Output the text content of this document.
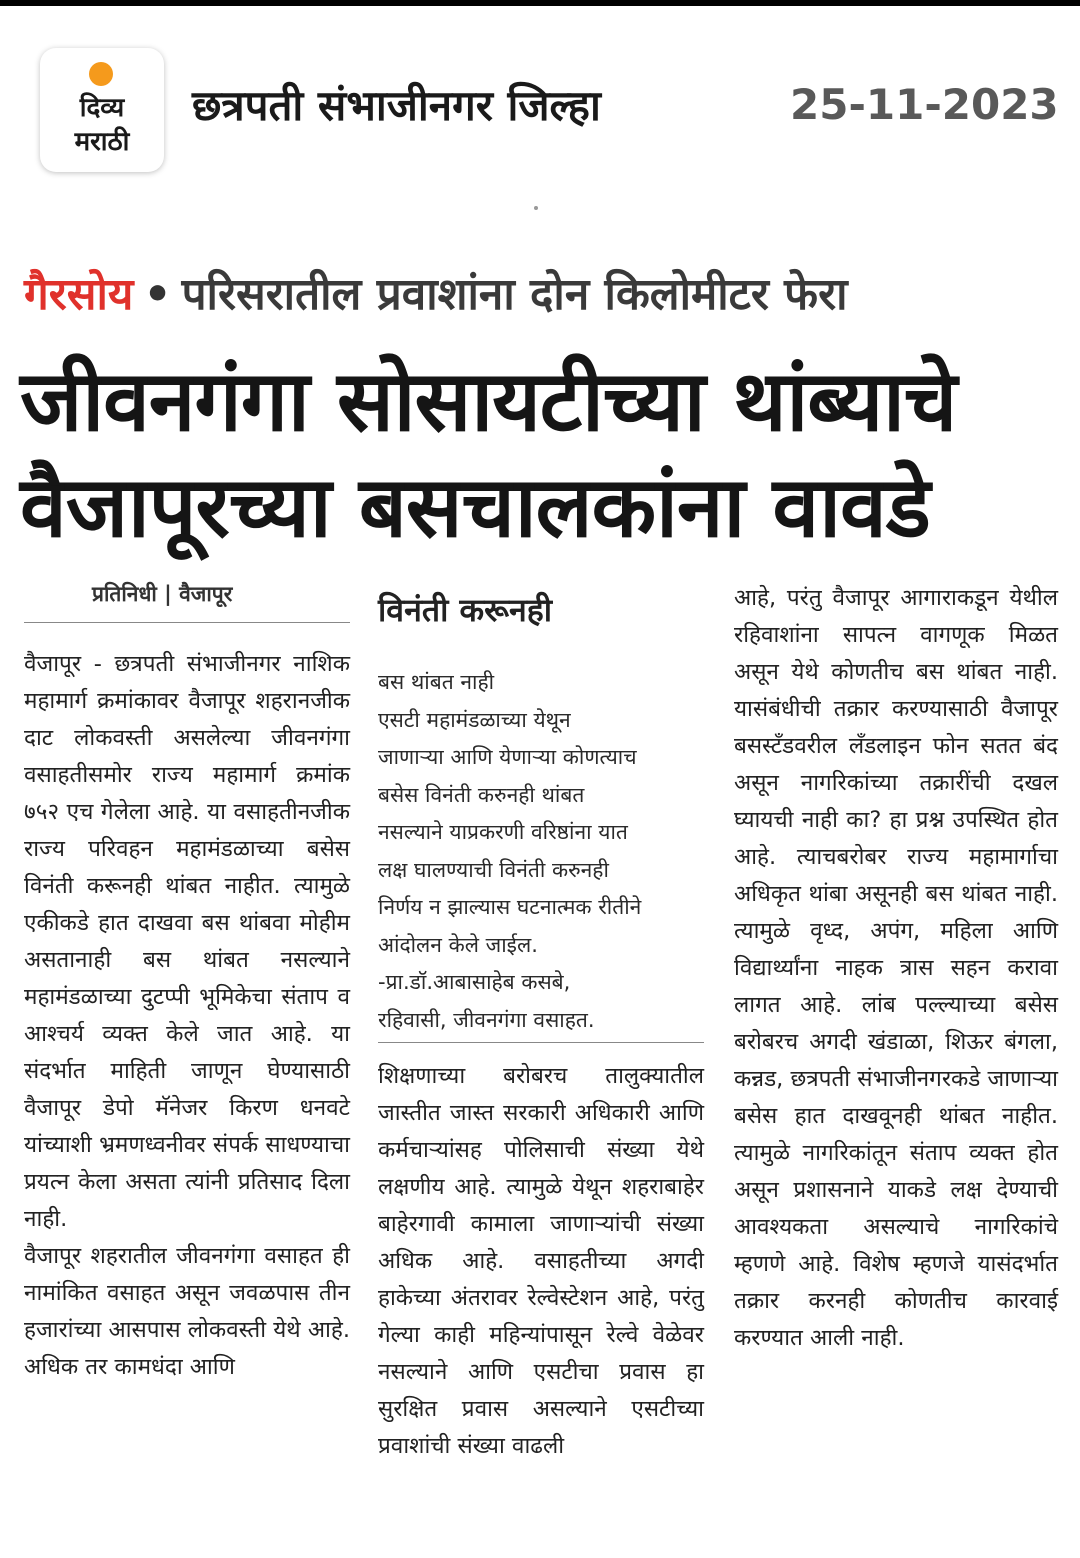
दिव्य
मराठी
छत्रपती संभाजीनगर जिल्हा	25-11-2023
गैरसोय • परिसरातील प्रवाशांना दोन किलोमीटर फेरा
जीवनगंगा सोसायटीच्या थांब्याचे
वैजापूरच्या बसचालकांना वावडे
प्रतिनिधी | वैजापूर

वैजापूर - छत्रपती संभाजीनगर नाशिक महामार्ग क्रमांकावर वैजापूर शहरानजीक दाट लोकवस्ती असलेल्या जीवनगंगा वसाहतीसमोर राज्य महामार्ग क्रमांक ७५२ एच गेलेला आहे. या वसाहतीनजीक राज्य परिवहन महामंडळाच्या बसेस विनंती करूनही थांबत नाहीत. त्यामुळे एकीकडे हात दाखवा बस थांबवा मोहीम असतानाही बस थांबत नसल्याने महामंडळाच्या दुटप्पी भूमिकेचा संताप व आश्चर्य व्यक्त केले जात आहे. या संदर्भात माहिती जाणून घेण्यासाठी वैजापूर डेपो मॅनेजर किरण धनवटे यांच्याशी भ्रमणध्वनीवर संपर्क साधण्याचा प्रयत्न केला असता त्यांनी प्रतिसाद दिला नाही.

वैजापूर शहरातील जीवनगंगा वसाहत ही नामांकित वसाहत असून जवळपास तीन हजारांच्या आसपास लोकवस्ती येथे आहे. अधिक तर कामधंदा आणि

विनंती करूनही

बस थांबत नाही

एसटी महामंडळाच्या येथून

जाणाऱ्या आणि येणाऱ्या कोणत्याच

बसेस विनंती करुनही थांबत

नसल्याने याप्रकरणी वरिष्ठांना यात

लक्ष घालण्याची विनंती करुनही

निर्णय न झाल्यास घटनात्मक रीतीने

आंदोलन केले जाईल.

-प्रा.डॉ.आबासाहेब कसबे,

रहिवासी, जीवनगंगा वसाहत.

शिक्षणाच्या बरोबरच तालुक्यातील जास्तीत जास्त सरकारी अधिकारी आणि कर्मचाऱ्यांसह पोलिसाची संख्या येथे लक्षणीय आहे. त्यामुळे येथून शहराबाहेर बाहेरगावी कामाला जाणाऱ्यांची संख्या अधिक आहे. वसाहतीच्या अगदी हाकेच्या अंतरावर रेल्वेस्टेशन आहे, परंतु गेल्या काही महिन्यांपासून रेल्वे वेळेवर नसल्याने आणि एसटीचा प्रवास हा सुरक्षित प्रवास असल्याने एसटीच्या प्रवाशांची संख्या वाढली

आहे, परंतु वैजापूर आगाराकडून येथील रहिवाशांना सापत्न वागणूक मिळत असून येथे कोणतीच बस थांबत नाही. यासंबंधीची तक्रार करण्यासाठी वैजापूर बसस्टँडवरील लँडलाइन फोन सतत बंद असून नागरिकांच्या तक्रारींची दखल घ्यायची नाही का? हा प्रश्न उपस्थित होत आहे. त्याचबरोबर राज्य महामार्गाचा अधिकृत थांबा असूनही बस थांबत नाही. त्यामुळे वृध्द, अपंग, महिला आणि विद्यार्थ्यांना नाहक त्रास सहन करावा लागत आहे. लांब पल्ल्याच्या बसेस बरोबरच अगदी खंडाळा, शिऊर बंगला, कन्नड, छत्रपती संभाजीनगरकडे जाणाऱ्या बसेस हात दाखवूनही थांबत नाहीत. त्यामुळे नागरिकांतून संताप व्यक्त होत असून प्रशासनाने याकडे लक्ष देण्याची आवश्यकता असल्याचे नागरिकांचे म्हणणे आहे. विशेष म्हणजे यासंदर्भात तक्रार करनही कोणतीच कारवाई करण्यात आली नाही.
